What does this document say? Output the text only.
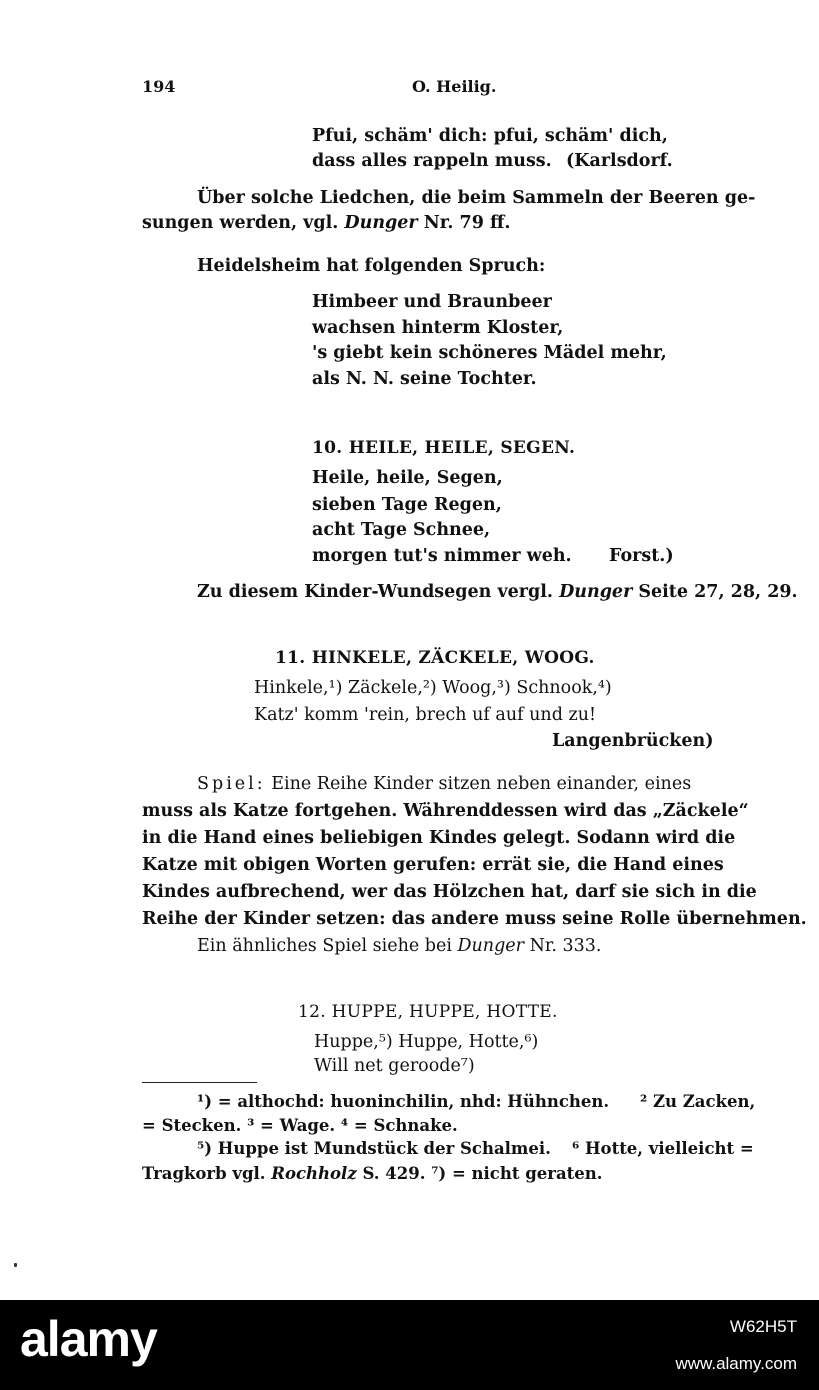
194	O. Heilig.
Pfui, schäm' dich: pfui, schäm' dich,
dass alles rappeln muss. (Karlsdorf.
Über solche Liedchen, die beim Sammeln der Beeren ge-
sungen werden, vgl. Dunger Nr. 79 ff.
Heidelsheim hat folgenden Spruch:
Himbeer und Braunbeer
wachsen hinterm Kloster,
's giebt kein schöneres Mädel mehr,
als N. N. seine Tochter.
10. HEILE, HEILE, SEGEN.
Heile, heile, Segen,
sieben Tage Regen,
acht Tage Schnee,
morgen tut's nimmer weh. Forst.)
Zu diesem Kinder-Wundsegen vergl. Dunger Seite 27, 28, 29.
11. HINKELE, ZÄCKELE, WOOG.
Hinkele,¹) Zäckele,²) Woog,³) Schnook,⁴)
Katz' komm 'rein, brech uf auf und zu!
Langenbrücken)
Spiel: Eine Reihe Kinder sitzen neben einander, eines
muss als Katze fortgehen. Währenddessen wird das „Zäckele“
in die Hand eines beliebigen Kindes gelegt. Sodann wird die
Katze mit obigen Worten gerufen: errät sie, die Hand eines
Kindes aufbrechend, wer das Hölzchen hat, darf sie sich in die
Reihe der Kinder setzen: das andere muss seine Rolle übernehmen.
Ein ähnliches Spiel siehe bei Dunger Nr. 333.
12. HUPPE, HUPPE, HOTTE.
Huppe,⁵) Huppe, Hotte,⁶)
Will net geroode⁷)
¹) = althochd: huoninchilin, nhd: Hühnchen. ² Zu Zacken,
= Stecken. ³ = Wage. ⁴ = Schnake.
⁵) Huppe ist Mundstück der Schalmei. ⁶ Hotte, vielleicht =
Tragkorb vgl. Rochholz S. 429. ⁷) = nicht geraten.
alamy	W62H5T
www.alamy.com
